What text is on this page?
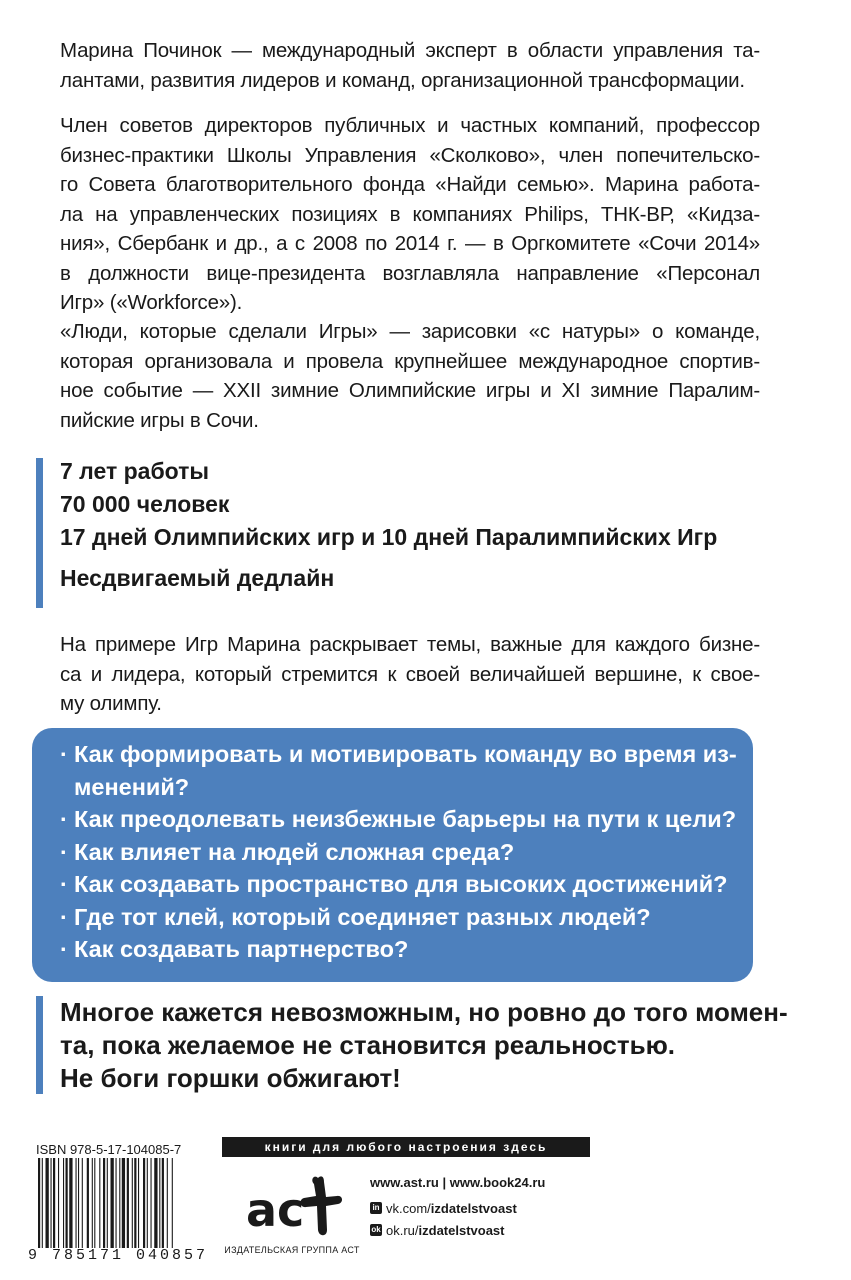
Марина Починок — международный эксперт в области управления та-
лантами, развития лидеров и команд, организационной трансформации.
Член советов директоров публичных и частных компаний, профессор
бизнес-практики Школы Управления «Сколково», член попечительско-
го Совета благотворительного фонда «Найди семью». Марина работа-
ла на управленческих позициях в компаниях Philips, ТНК-ВР, «Кидза-
ния», Сбербанк и др., а с 2008 по 2014 г. — в Оргкомитете «Сочи 2014»
в должности вице-президента возглавляла направление «Персонал
Игр» («Workforce»).
«Люди, которые сделали Игры» — зарисовки «с натуры» о команде,
которая организовала и провела крупнейшее международное спортив-
ное событие — XXII зимние Олимпийские игры и XI зимние Паралим-
пийские игры в Сочи.
7 лет работы
70 000 человек
17 дней Олимпийских игр и 10 дней Паралимпийских Игр
Несдвигаемый дедлайн
На примере Игр Марина раскрывает темы, важные для каждого бизне-
са и лидера, который стремится к своей величайшей вершине, к свое-
му олимпу.
· Как формировать и мотивировать команду во время из-
менений?
· Как преодолевать неизбежные барьеры на пути к цели?
· Как влияет на людей сложная среда?
· Как создавать пространство для высоких достижений?
· Где тот клей, который соединяет разных людей?
· Как создавать партнерство?
Многое кажется невозможным, но ровно до того момен-
та, пока желаемое не становится реальностью.
Не боги горшки обжигают!
ISBN 978-5-17-104085-7
9 785171 040857
книги для любого настроения здесь
ac
ИЗДАТЕЛЬСКАЯ ГРУППА АСТ
www.ast.ru | www.book24.ru
in vk.com/ izdatelstvoast
ok ok.ru/ izdatelstvoast
